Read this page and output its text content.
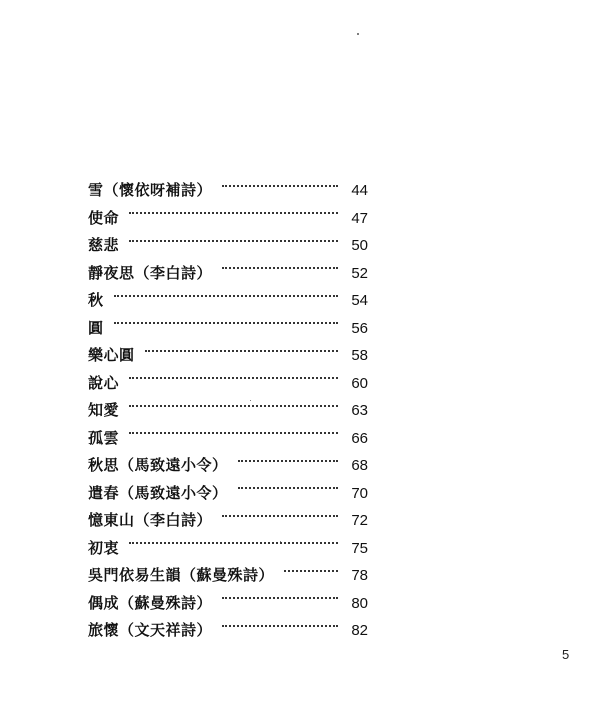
雪（懷依呀補詩）	44
使命	47
慈悲	50
靜夜思（李白詩）	52
秋	54
圓	56
樂心圓	58
說心	60
知愛	63
孤雲	66
秋思（馬致遠小令）	68
遣春（馬致遠小令）	70
憶東山（李白詩）	72
初衷	75
吳門依易生韻（蘇曼殊詩）	78
偶成（蘇曼殊詩）	80
旅懷（文天祥詩）	82
5
